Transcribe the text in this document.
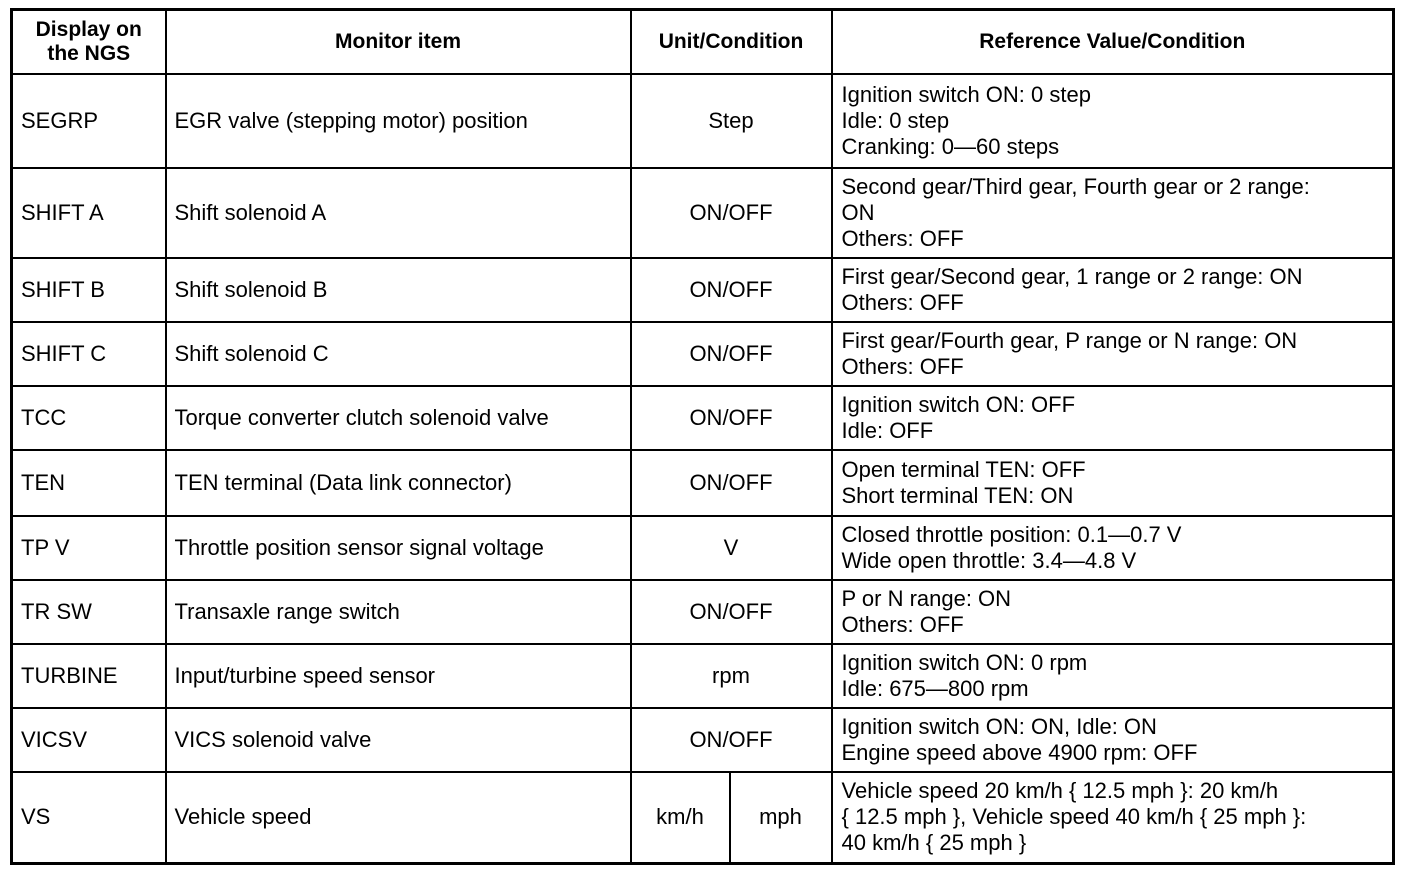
Display on
the NGS	Monitor item	Unit/Condition		Reference Value/Condition
SEGRP	EGR valve (stepping motor) position	Step		Ignition switch ON: 0 step
Idle: 0 step
Cranking: 0—60 steps

SHIFT A	Shift solenoid A	ON/OFF		Second gear/Third gear, Fourth gear or 2 range:
ON
Others: OFF

SHIFT B	Shift solenoid B	ON/OFF		First gear/Second gear, 1 range or 2 range: ON
Others: OFF

SHIFT C	Shift solenoid C	ON/OFF		First gear/Fourth gear, P range or N range: ON
Others: OFF

TCC	Torque converter clutch solenoid valve	ON/OFF		Ignition switch ON: OFF
Idle: OFF

TEN	TEN terminal (Data link connector)	ON/OFF		Open terminal TEN: OFF
Short terminal TEN: ON

TP V	Throttle position sensor signal voltage	V		Closed throttle position: 0.1—0.7 V
Wide open throttle: 3.4—4.8 V

TR SW	Transaxle range switch	ON/OFF		P or N range: ON
Others: OFF

TURBINE	Input/turbine speed sensor	rpm		Ignition switch ON: 0 rpm
Idle: 675—800 rpm

VICSV	VICS solenoid valve	ON/OFF		Ignition switch ON: ON, Idle: ON
Engine speed above 4900 rpm: OFF

VS	Vehicle speed	km/h	mph	Vehicle speed 20 km/h { 12.5 mph }: 20 km/h
{ 12.5 mph }, Vehicle speed 40 km/h { 25 mph }:
40 km/h { 25 mph }
